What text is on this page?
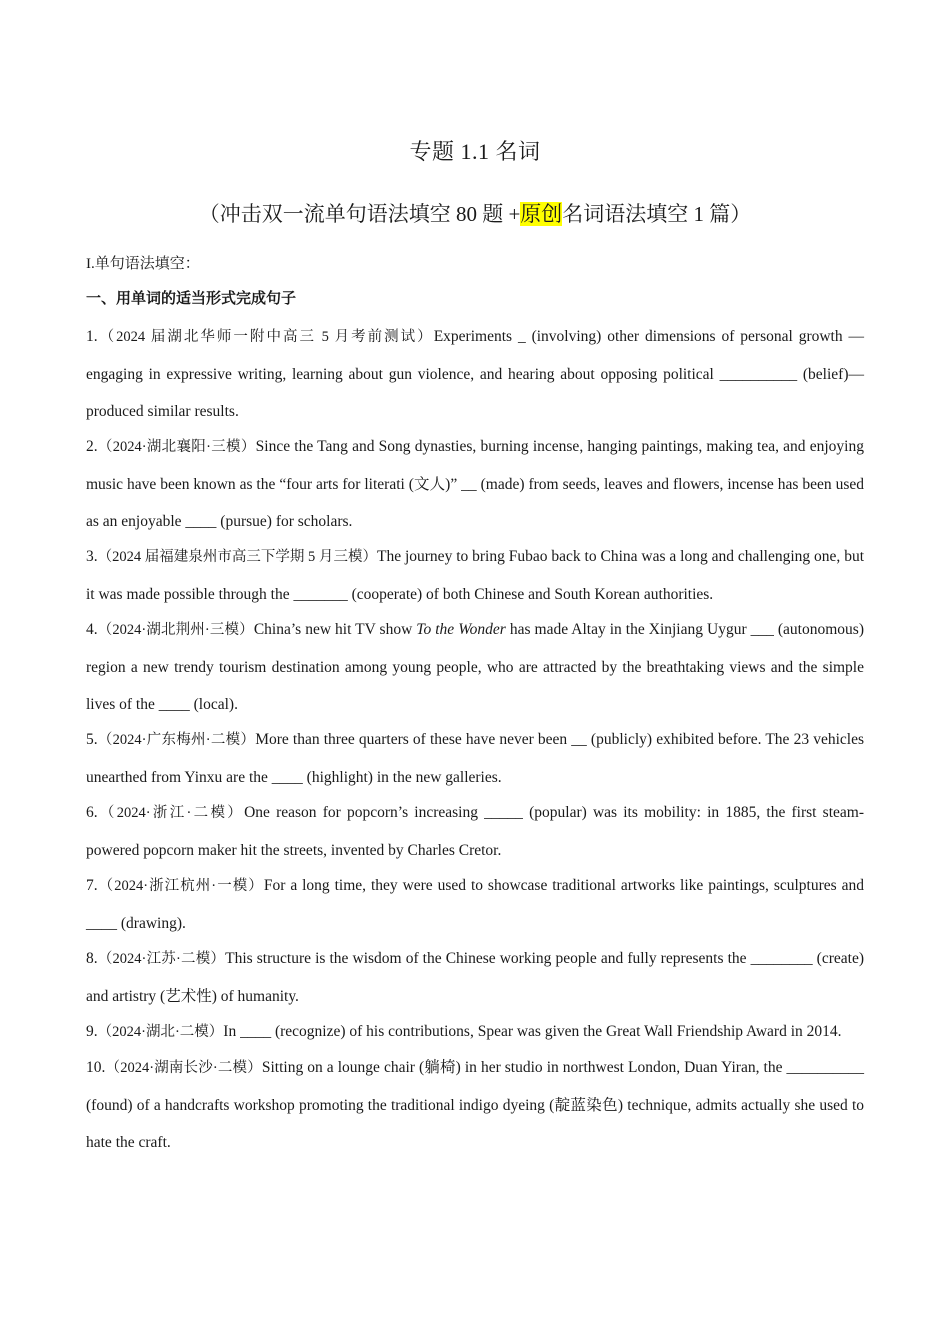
专题 1.1 名词
（冲击双一流单句语法填空 80 题 +原创名词语法填空 1 篇）
I.单句语法填空：
一、用单词的适当形式完成句子
1.（2024 届湖北华师一附中高三 5 月考前测试）Experiments _ (involving) other dimensions of personal growth — engaging in expressive writing, learning about gun violence, and hearing about opposing political __________ (belief)—produced similar results.
2.（2024·湖北襄阳·三模）Since the Tang and Song dynasties, burning incense, hanging paintings, making tea, and enjoying music have been known as the “four arts for literati (文人)” __ (made) from seeds, leaves and flowers, incense has been used as an enjoyable ____ (pursue) for scholars.
3.（2024 届福建泉州市高三下学期 5 月三模）The journey to bring Fubao back to China was a long and challenging one, but it was made possible through the _______ (cooperate) of both Chinese and South Korean authorities.
4.（2024·湖北荆州·三模）China’s new hit TV show To the Wonder has made Altay in the Xinjiang Uygur ___ (autonomous) region a new trendy tourism destination among young people, who are attracted by the breathtaking views and the simple lives of the ____ (local).
5.（2024·广东梅州·二模）More than three quarters of these have never been __ (publicly) exhibited before. The 23 vehicles unearthed from Yinxu are the ____ (highlight) in the new galleries.
6.（2024·浙江·二模）One reason for popcorn’s increasing _____ (popular) was its mobility: in 1885, the first steam-powered popcorn maker hit the streets, invented by Charles Cretor.
7.（2024·浙江杭州·一模）For a long time, they were used to showcase traditional artworks like paintings, sculptures and ____ (drawing).
8.（2024·江苏·二模）This structure is the wisdom of the Chinese working people and fully represents the ________ (create) and artistry (艺术性) of humanity.
9.（2024·湖北·二模）In ____ (recognize) of his contributions, Spear was given the Great Wall Friendship Award in 2014.
10.（2024·湖南长沙·二模）Sitting on a lounge chair (躺椅) in her studio in northwest London, Duan Yiran, the __________ (found) of a handcrafts workshop promoting the traditional indigo dyeing (靛蓝染色) technique, admits actually she used to hate the craft.
